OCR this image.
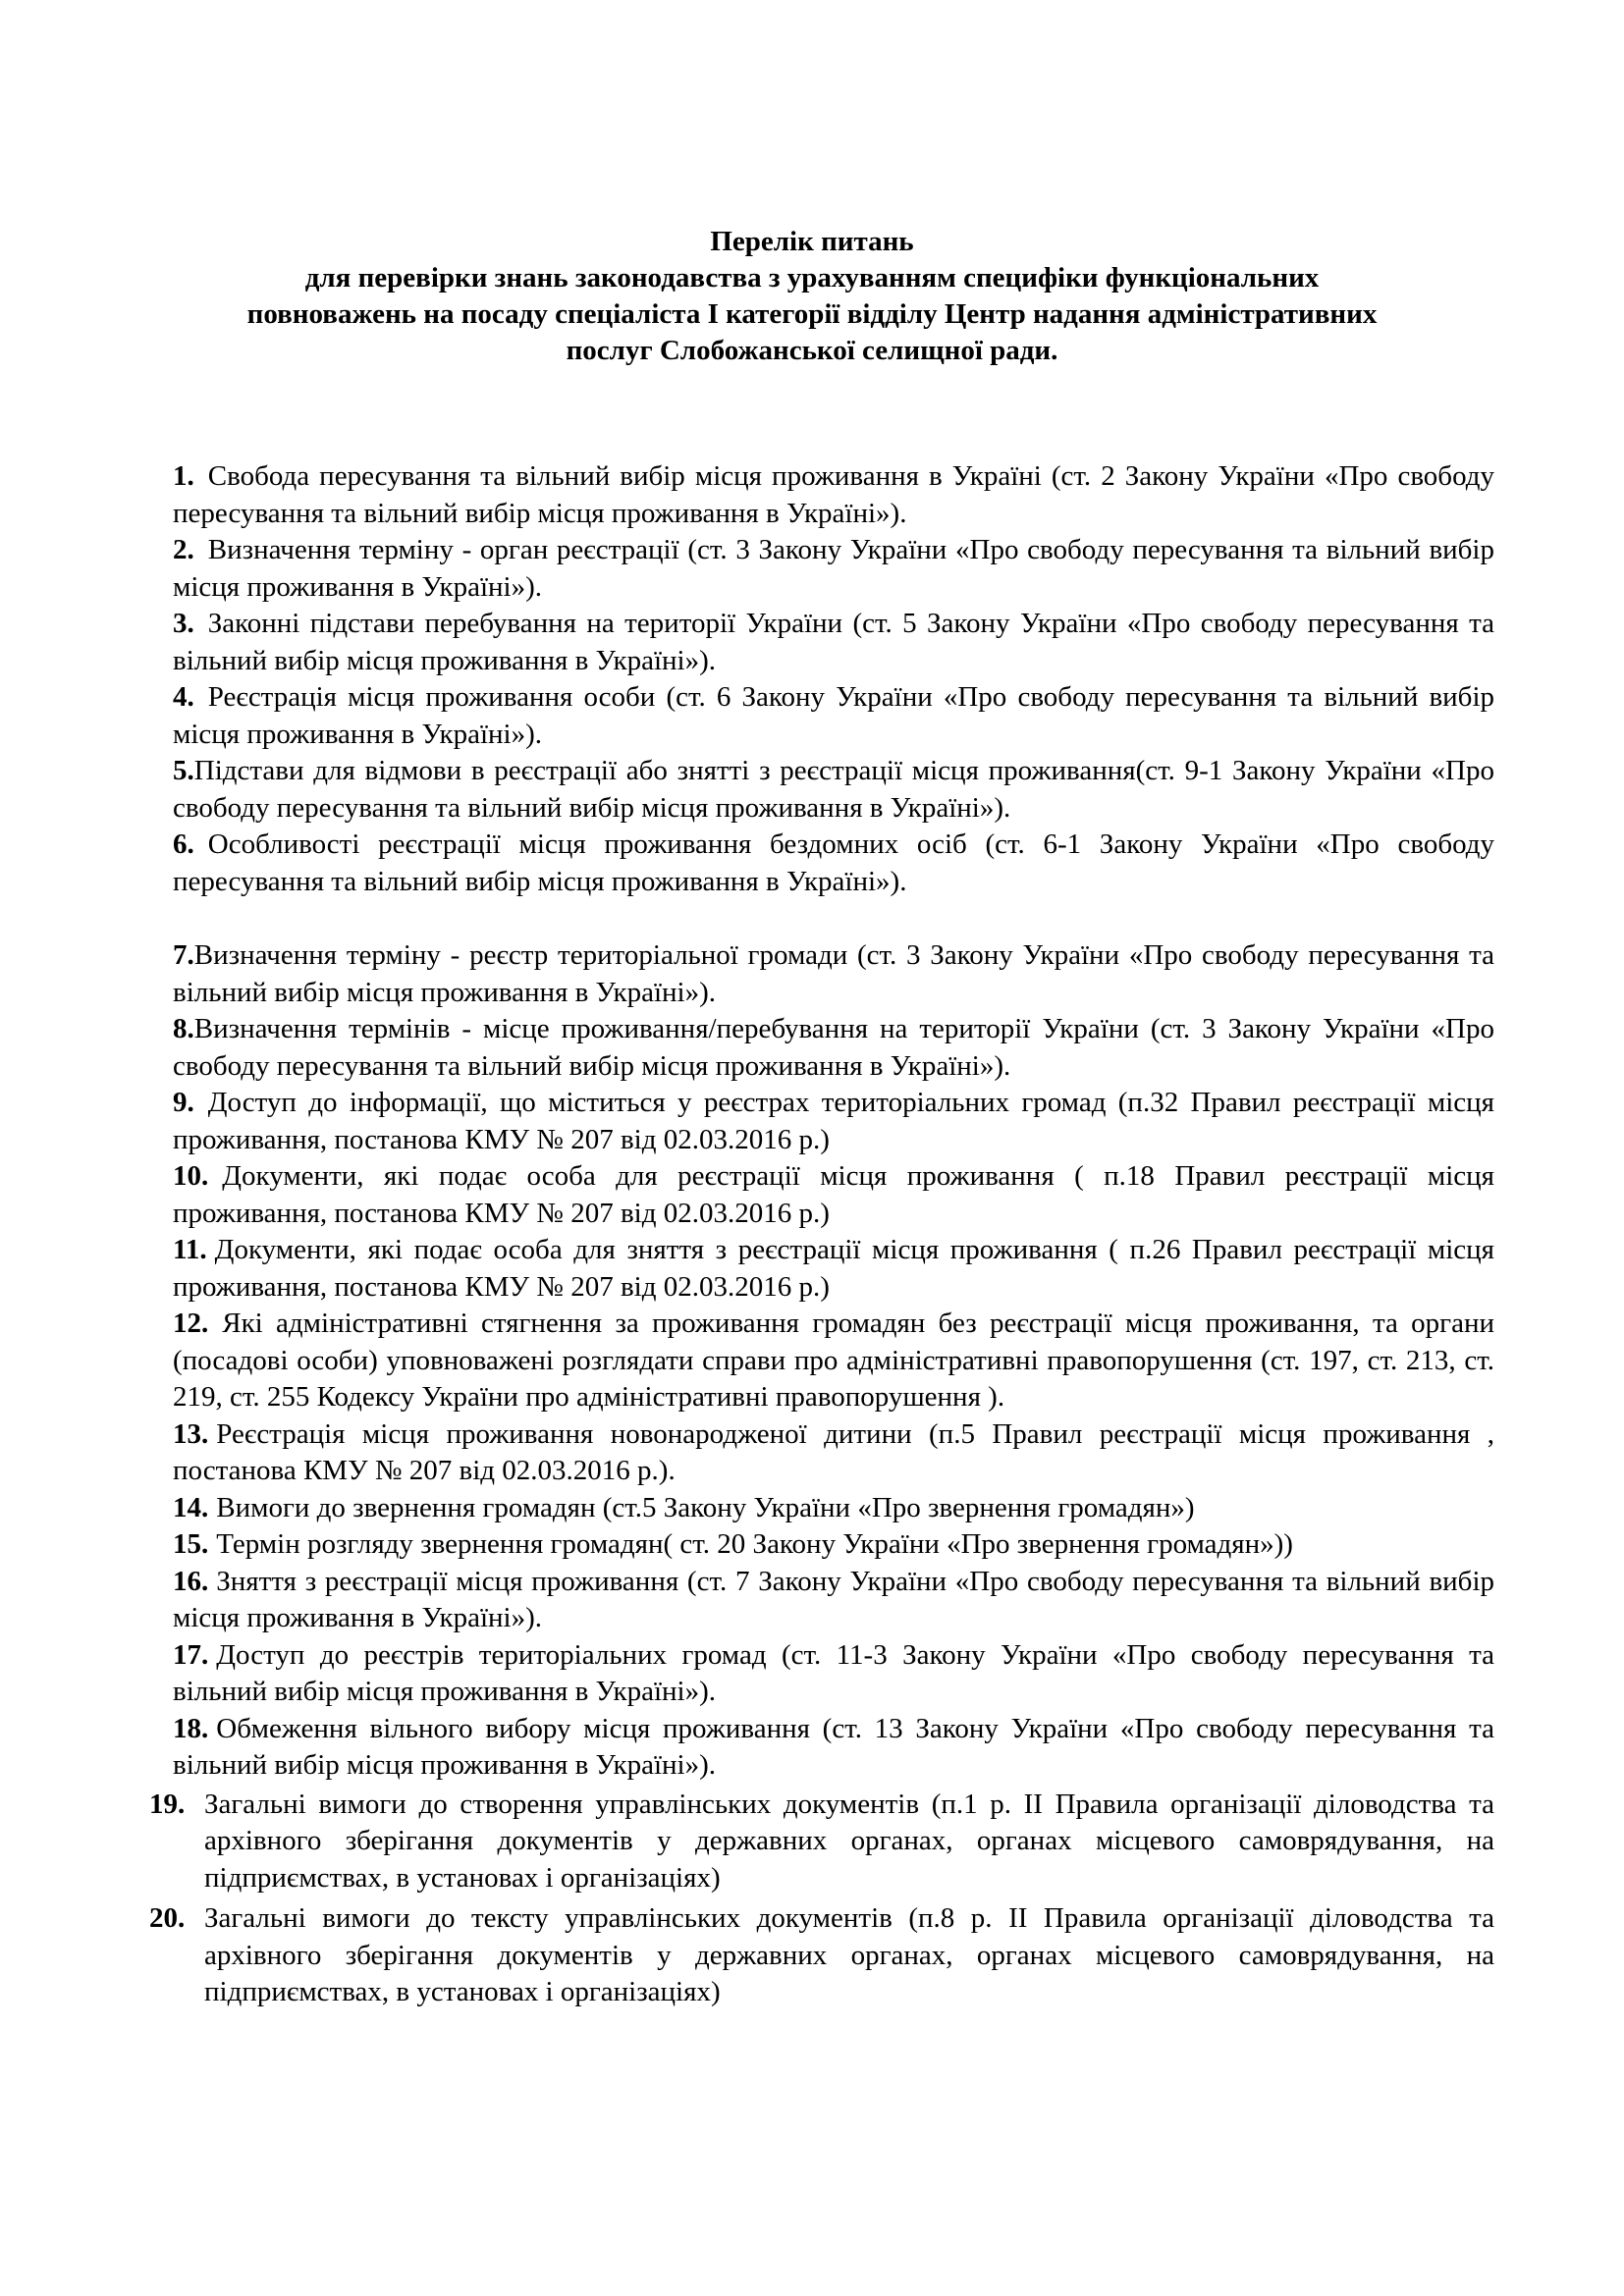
Перелік питань
для перевірки знань законодавства з урахуванням специфіки функціональних
повноважень на посаду спеціаліста I категорії відділу Центр надання адміністративних
послуг Слобожанської селищної ради.

1. Свобода пересування та вільний вибір місця проживання в Україні (ст. 2 Закону України «Про свободу пересування та вільний вибір місця проживання в Україні»).

2. Визначення терміну - орган реєстрації (ст. 3 Закону України «Про свободу пересування та вільний вибір місця проживання в Україні»).

3. Законні підстави перебування на території України (ст. 5 Закону України «Про свободу пересування та вільний вибір місця проживання в Україні»).

4. Реєстрація місця проживання особи (ст. 6 Закону України «Про свободу пересування та вільний вибір місця проживання в Україні»).

5.Підстави для відмови в реєстрації або знятті з реєстрації місця проживання(ст. 9-1 Закону України «Про свободу пересування та вільний вибір місця проживання в Україні»).

6. Особливості реєстрації місця проживання бездомних осіб (ст. 6-1 Закону України «Про свободу пересування та вільний вибір місця проживання в Україні»).

7.Визначення терміну - реєстр територіальної громади (ст. 3 Закону України «Про свободу пересування та вільний вибір місця проживання в Україні»).

8.Визначення термінів - місце проживання/перебування на території України (ст. 3 Закону України «Про свободу пересування та вільний вибір місця проживання в Україні»).

9. Доступ до інформації, що міститься у реєстрах територіальних громад (п.32 Правил реєстрації місця проживання, постанова КМУ № 207 від 02.03.2016 р.)

10. Документи, які подає особа для реєстрації місця проживання ( п.18 Правил реєстрації місця проживання, постанова КМУ № 207 від 02.03.2016 р.)

11. Документи, які подає особа для зняття з реєстрації місця проживання ( п.26 Правил реєстрації місця проживання, постанова КМУ № 207 від 02.03.2016 р.)

12. Які адміністративні стягнення за проживання громадян без реєстрації місця проживання, та органи (посадові особи) уповноважені розглядати справи про адміністративні правопорушення (ст. 197, ст. 213, ст. 219, ст. 255 Кодексу України про адміністративні правопорушення ).

13. Реєстрація місця проживання новонародженої дитини (п.5 Правил реєстрації місця проживання , постанова КМУ № 207 від 02.03.2016 р.).

14. Вимоги до звернення громадян (ст.5 Закону України «Про звернення громадян»)

15. Термін розгляду звернення громадян( ст. 20 Закону України «Про звернення громадян»))

16. Зняття з реєстрації місця проживання (ст. 7 Закону України «Про свободу пересування та вільний вибір місця проживання в Україні»).

17. Доступ до реєстрів територіальних громад (ст. 11-3 Закону України «Про свободу пересування та вільний вибір місця проживання в Україні»).

18. Обмеження вільного вибору місця проживання (ст. 13 Закону України «Про свободу пересування та вільний вибір місця проживання в Україні»).

19. Загальні вимоги до створення управлінських документів (п.1 р. II Правила організації діловодства та архівного зберігання документів у державних органах, органах місцевого самоврядування, на підприємствах, в установах і організаціях)
20. Загальні вимоги до тексту управлінських документів (п.8 р. II Правила організації діловодства та архівного зберігання документів у державних органах, органах місцевого самоврядування, на підприємствах, в установах і організаціях)
